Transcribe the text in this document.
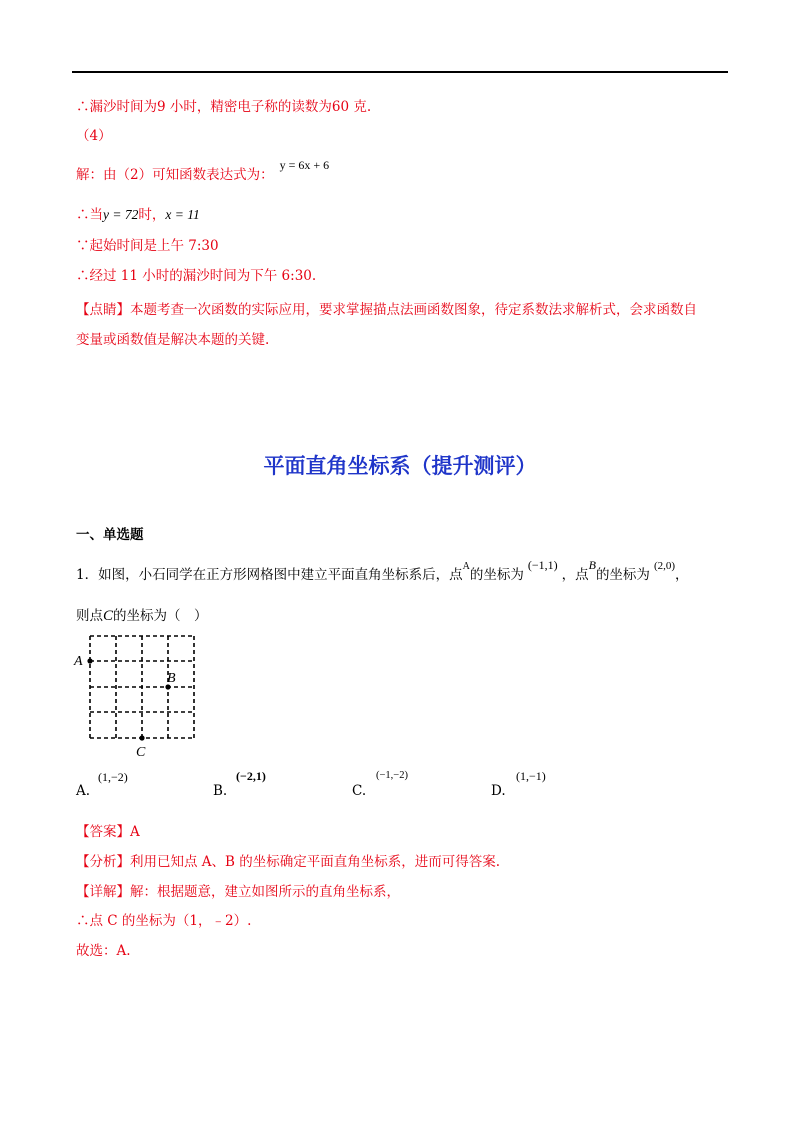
∴漏沙时间为9 小时，精密电子称的读数为60 克.
（4）
解：由（2）可知函数表达式为：y = 6x + 6
∴当y = 72时，x = 11
∵起始时间是上午 7:30
∴经过 11 小时的漏沙时间为下午 6:30.
【点睛】本题考查一次函数的实际应用，要求掌握描点法画函数图象，待定系数法求解析式，会求函数自
变量或函数值是解决本题的关键.
平面直角坐标系（提升测评）
一、单选题
1．如图，小石同学在正方形网格图中建立平面直角坐标系后，点$^A$的坐标为(−1,1)，点B的坐标为$^{(2,0)}$，
则点C的坐标为（　）
A
B
C
A.
(1,−2)
B.
(−2,1)
C.
(−1,−2)
D.
(1,−1)
【答案】A
【分析】利用已知点 A、B 的坐标确定平面直角坐标系，进而可得答案.
【详解】解：根据题意，建立如图所示的直角坐标系，
∴点 C 的坐标为（1，﹣2）.
故选：A.
